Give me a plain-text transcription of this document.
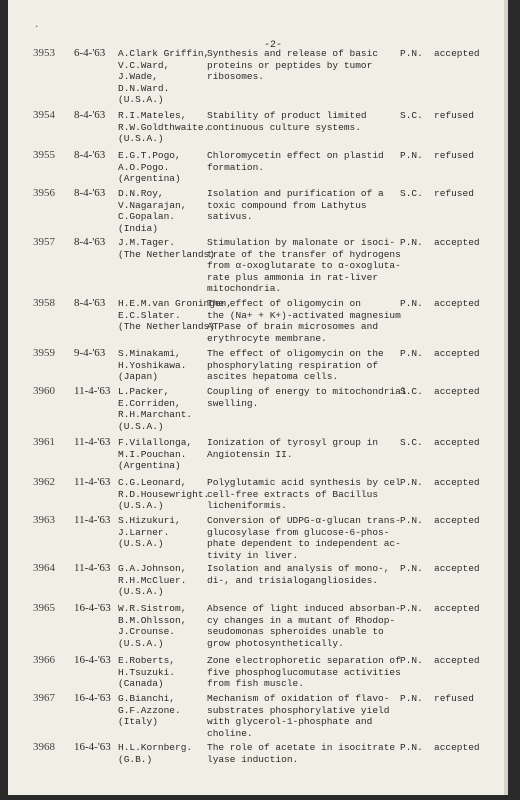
.
-2-
3953	6-4-'63	A.Clark Griffin,
V.C.Ward,
J.Wade,
D.N.Ward.
(U.S.A.)
Synthesis and release of basic
proteins or peptides by tumor
ribosomes.
P.N.	accepted
3954	8-4-'63	R.I.Mateles,
R.W.Goldthwaite.
(U.S.A.)
Stability of product limited
continuous culture systems.
S.C.	refused
3955	8-4-'63	E.G.T.Pogo,
A.O.Pogo.
(Argentina)
Chloromycetin effect on plastid
formation.
P.N.	refused
3956	8-4-'63	D.N.Roy,
V.Nagarajan,
C.Gopalan.
(India)
Isolation and purification of a
toxic compound from Lathytus
sativus.
S.C.	refused
3957	8-4-'63	J.M.Tager.
(The Netherlands)
Stimulation by malonate or isoci-
trate of the transfer of hydrogens
from α-oxoglutarate to α-oxogluta-
rate plus ammonia in rat-liver
mitochondria.
P.N.	accepted
3958	8-4-'63	H.E.M.van Groningen,
E.C.Slater.
(The Netherlands)
The effect of oligomycin on
the (Na+ + K+)-activated magnesium
ATPase of brain microsomes and
erythrocyte membrane.
P.N.	accepted
3959	9-4-'63	S.Minakami,
H.Yoshikawa.
(Japan)
The effect of oligomycin on the
phosphorylating respiration of
ascites hepatoma cells.
P.N.	accepted
3960	11-4-'63 L.Packer,
E.Corriden,
R.H.Marchant.
(U.S.A.)
Coupling of energy to mitochondrial
swelling.
S.C.	accepted
3961	11-4-'63 F.Vilallonga,
M.I.Pouchan.
(Argentina)
Ionization of tyrosyl group in
Angiotensin II.
S.C.	accepted
3962	11-4-'63 C.G.Leonard,
R.D.Housewright.
(U.S.A.)
Polyglutamic acid synthesis by cel
cell-free extracts of Bacillus
licheniformis.
P.N.	accepted
3963	11-4-'63 S.Hizukuri,
J.Larner.
(U.S.A.)
Conversion of UDPG-α-glucan trans-
glucosylase from glucose-6-phos-
phate dependent to independent ac-
tivity in liver.
P.N.	accepted
3964	11-4-'63 G.A.Johnson,
R.H.McCluer.
(U.S.A.)
Isolation and analysis of mono-,
di-, and trisialogangliosides.
P.N.	accepted
3965	16-4-'63 W.R.Sistrom,
B.M.Ohlsson,
J.Crounse.
(U.S.A.)
Absence of light induced absorban-
cy changes in a mutant of Rhodop-
seudomonas spheroides unable to
grow photosynthetically.
P.N.	accepted
3966	16-4-'63 E.Roberts,
H.Tsuzuki.
(Canada)
Zone electrophoretic separation of
five phosphoglucomutase activities
from fish muscle.
P.N.	accepted
3967	16-4-'63 G.Bianchi,
G.F.Azzone.
(Italy)
Mechanism of oxidation of flavo-
substrates phosphorylative yield
with glycerol-1-phosphate and
choline.
P.N.	refused
3968	16-4-'63 H.L.Kornberg.
(G.B.)
The role of acetate in isocitrate
lyase induction.
P.N.	accepted
